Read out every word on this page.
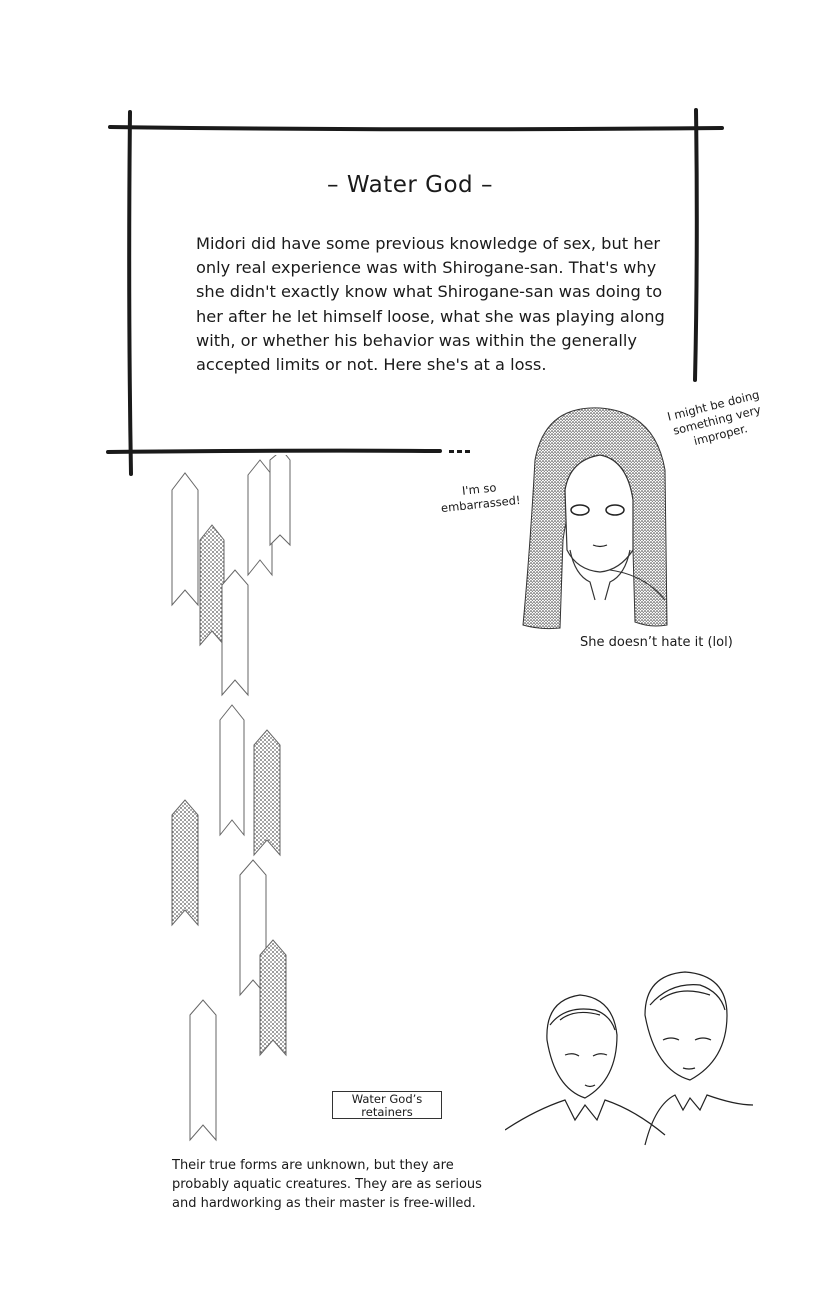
– Water God –
Midori did have some previous knowledge of sex, but her only real experience was with Shirogane-san. That's why she didn't exactly know what Shirogane-san was doing to her after he let himself loose, what she was playing along with, or whether his behavior was within the generally accepted limits or not. Here she's at a loss.
I might be doing something very improper.
I'm so embarrassed!
She doesn’t hate it (lol)
Water God’s retainers
Their true forms are unknown, but they are probably aquatic creatures. They are as serious and hardworking as their master is free-willed.
